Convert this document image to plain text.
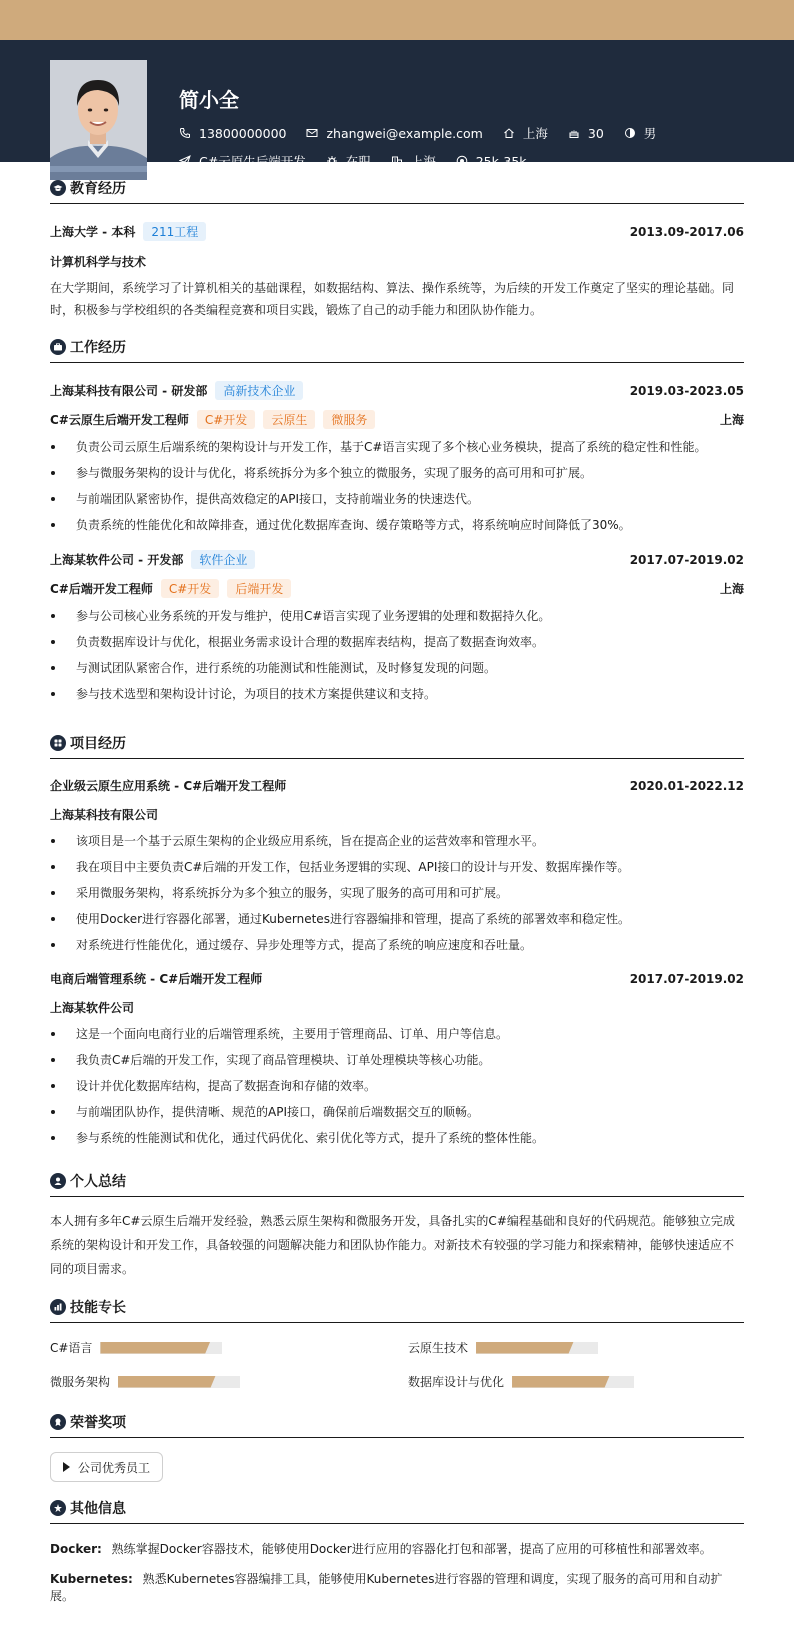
简小全
13800000000	zhangwei@example.com	上海	30	男
C#云原生后端开发	在职	上海	25k-35k
教育经历
上海大学 - 本科 211工程	2013.09-2017.06
计算机科学与技术
在大学期间，系统学习了计算机相关的基础课程，如数据结构、算法、操作系统等，为后续的开发工作奠定了坚实的理论基础。同时，积极参与学校组织的各类编程竞赛和项目实践，锻炼了自己的动手能力和团队协作能力。
工作经历
上海某科技有限公司 - 研发部 高新技术企业	2019.03-2023.05
C#云原生后端开发工程师 C#开发 云原生 微服务	上海
负责公司云原生后端系统的架构设计与开发工作，基于C#语言实现了多个核心业务模块，提高了系统的稳定性和性能。
参与微服务架构的设计与优化，将系统拆分为多个独立的微服务，实现了服务的高可用和可扩展。
与前端团队紧密协作，提供高效稳定的API接口，支持前端业务的快速迭代。
负责系统的性能优化和故障排查，通过优化数据库查询、缓存策略等方式，将系统响应时间降低了30%。
上海某软件公司 - 开发部 软件企业	2017.07-2019.02
C#后端开发工程师 C#开发 后端开发	上海
参与公司核心业务系统的开发与维护，使用C#语言实现了业务逻辑的处理和数据持久化。
负责数据库设计与优化，根据业务需求设计合理的数据库表结构，提高了数据查询效率。
与测试团队紧密合作，进行系统的功能测试和性能测试，及时修复发现的问题。
参与技术选型和架构设计讨论，为项目的技术方案提供建议和支持。
项目经历
企业级云原生应用系统 - C#后端开发工程师	2020.01-2022.12
上海某科技有限公司
该项目是一个基于云原生架构的企业级应用系统，旨在提高企业的运营效率和管理水平。
我在项目中主要负责C#后端的开发工作，包括业务逻辑的实现、API接口的设计与开发、数据库操作等。
采用微服务架构，将系统拆分为多个独立的服务，实现了服务的高可用和可扩展。
使用Docker进行容器化部署，通过Kubernetes进行容器编排和管理，提高了系统的部署效率和稳定性。
对系统进行性能优化，通过缓存、异步处理等方式，提高了系统的响应速度和吞吐量。
电商后端管理系统 - C#后端开发工程师	2017.07-2019.02
上海某软件公司
这是一个面向电商行业的后端管理系统，主要用于管理商品、订单、用户等信息。
我负责C#后端的开发工作，实现了商品管理模块、订单处理模块等核心功能。
设计并优化数据库结构，提高了数据查询和存储的效率。
与前端团队协作，提供清晰、规范的API接口，确保前后端数据交互的顺畅。
参与系统的性能测试和优化，通过代码优化、索引优化等方式，提升了系统的整体性能。
个人总结
本人拥有多年C#云原生后端开发经验，熟悉云原生架构和微服务开发，具备扎实的C#编程基础和良好的代码规范。能够独立完成系统的架构设计和开发工作，具备较强的问题解决能力和团队协作能力。对新技术有较强的学习能力和探索精神，能够快速适应不同的项目需求。
技能专长
C#语言	云原生技术
微服务架构	数据库设计与优化
荣誉奖项
公司优秀员工
其他信息
Docker: 熟练掌握Docker容器技术，能够使用Docker进行应用的容器化打包和部署，提高了应用的可移植性和部署效率。
Kubernetes: 熟悉Kubernetes容器编排工具，能够使用Kubernetes进行容器的管理和调度，实现了服务的高可用和自动扩展。
